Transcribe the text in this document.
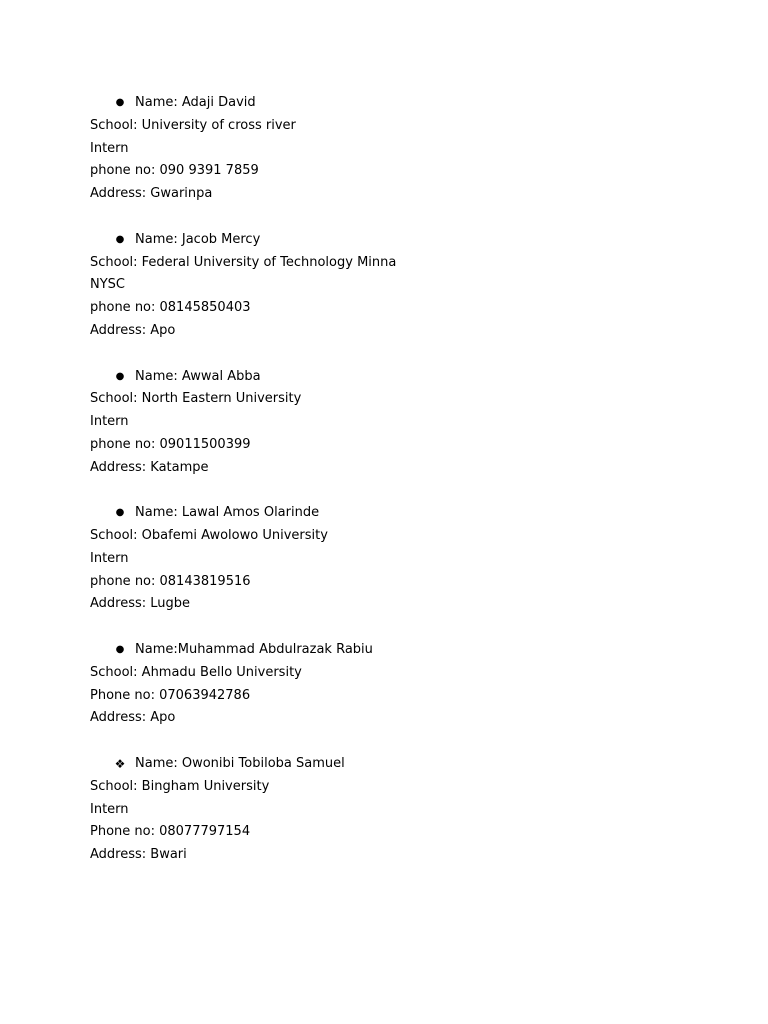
● Name: Adaji David
School: University of cross river
Intern
phone no: 090 9391 7859
Address: Gwarinpa
● Name: Jacob Mercy
School: Federal University of Technology Minna
NYSC
phone no: 08145850403
Address: Apo
● Name: Awwal Abba
School: North Eastern University
Intern
phone no: 09011500399
Address: Katampe
● Name: Lawal Amos Olarinde
School: Obafemi Awolowo University
Intern
phone no: 08143819516
Address: Lugbe
● Name:Muhammad Abdulrazak Rabiu
School: Ahmadu Bello University
Phone no: 07063942786
Address: Apo
❖ Name: Owonibi Tobiloba Samuel
School: Bingham University
Intern
Phone no: 08077797154
Address: Bwari
